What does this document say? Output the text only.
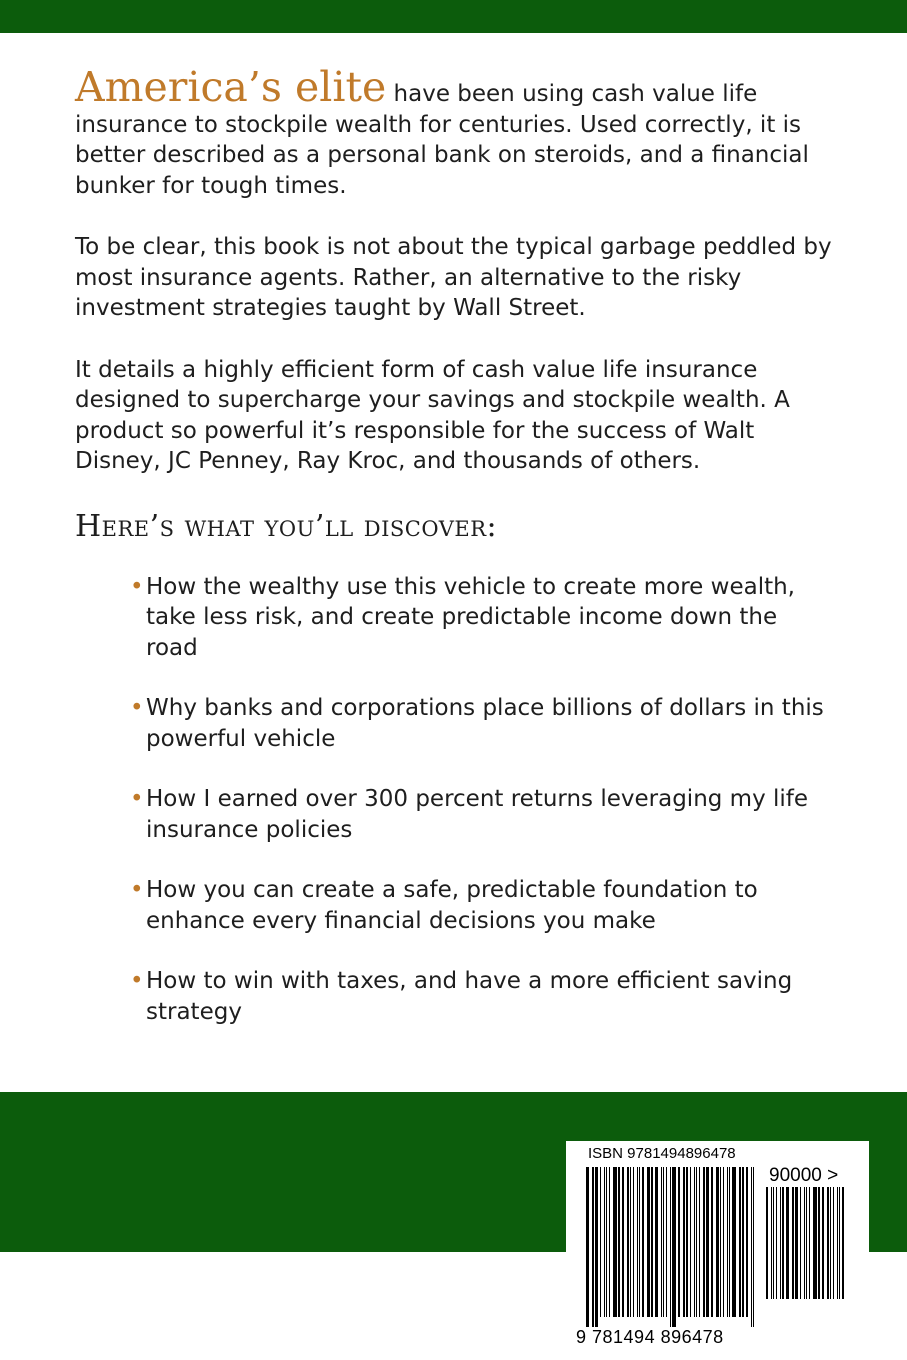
America’s elite have been using cash value life insurance to stockpile wealth for centuries. Used correctly, it is better described as a personal bank on steroids, and a financial bunker for tough times.

To be clear, this book is not about the typical garbage peddled by most insurance agents. Rather, an alternative to the risky investment strategies taught by Wall Street.

It details a highly efficient form of cash value life insurance designed to supercharge your savings and stockpile wealth. A product so powerful it’s responsible for the success of Walt Disney, JC Penney, Ray Kroc, and thousands of others.

Here’s what you’ll discover:
• How the wealthy use this vehicle to create more wealth, take less risk, and create predictable income down the road
• Why banks and corporations place billions of dollars in this powerful vehicle
• How I earned over 300 percent returns leveraging my life insurance policies
• How you can create a safe, predictable foundation to enhance every financial decisions you make
• How to win with taxes, and have a more efficient saving strategy
ISBN 9781494896478
90000 >
9 781494 896478
